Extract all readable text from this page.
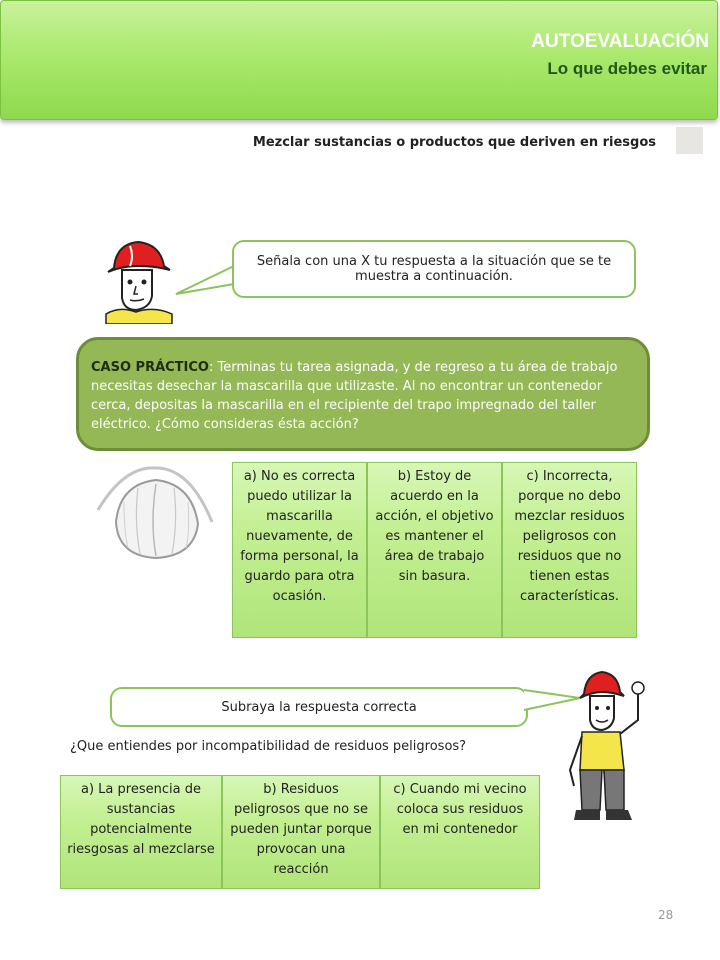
AUTOEVALUACIÓN
Lo que debes evitar
Mezclar sustancias o productos que deriven en riesgos
Señala con una X tu respuesta a la situación que se te muestra a continuación.
CASO PRÁCTICO: Terminas tu tarea asignada, y de regreso a tu área de trabajo necesitas desechar la mascarilla que utilizaste. Al no encontrar un contenedor cerca, depositas la mascarilla en el recipiente del trapo impregnado del taller eléctrico. ¿Cómo consideras ésta acción?
a) No es correcta puedo utilizar la mascarilla nuevamente, de forma personal, la guardo para otra ocasión.
b) Estoy de acuerdo en la acción, el objetivo es mantener el área de trabajo sin basura.
c) Incorrecta, porque no debo mezclar residuos peligrosos con residuos que no tienen estas características.
Subraya la respuesta correcta
¿Que entiendes por incompatibilidad de residuos peligrosos?
a) La presencia de sustancias potencialmente riesgosas al mezclarse
b) Residuos peligrosos que no se pueden juntar porque provocan una reacción
c) Cuando mi vecino coloca sus residuos en mi contenedor
28
